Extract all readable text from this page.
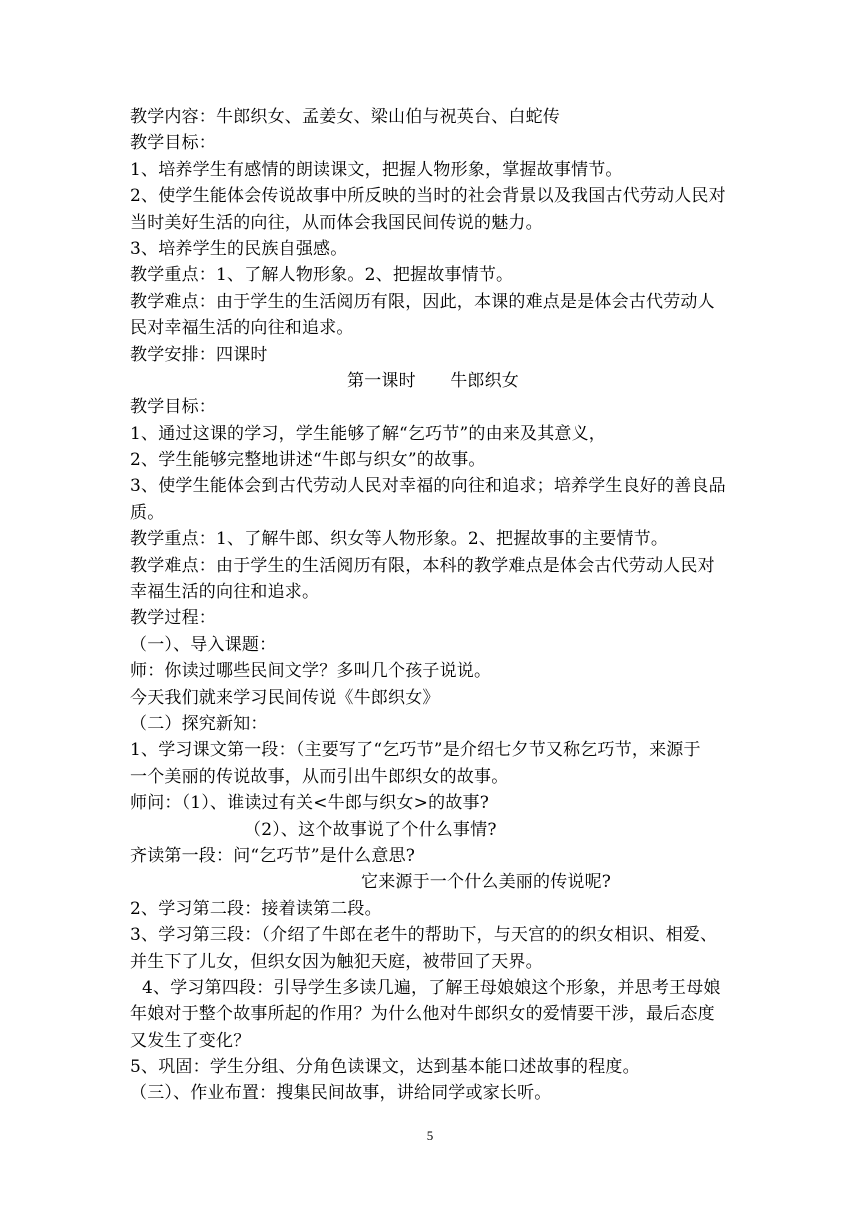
教学内容：牛郎织女、孟姜女、梁山伯与祝英台、白蛇传
教学目标：
1、培养学生有感情的朗读课文，把握人物形象，掌握故事情节。
2、使学生能体会传说故事中所反映的当时的社会背景以及我国古代劳动人民对
当时美好生活的向往，从而体会我国民间传说的魅力。
3、培养学生的民族自强感。
教学重点：1、了解人物形象。2、把握故事情节。
教学难点：由于学生的生活阅历有限，因此，本课的难点是是体会古代劳动人
民对幸福生活的向往和追求。
教学安排：四课时
第一课时　　牛郎织女
教学目标：
1、通过这课的学习，学生能够了解“乞巧节”的由来及其意义，
2、学生能够完整地讲述“牛郎与织女”的故事。
3、使学生能体会到古代劳动人民对幸福的向往和追求；培养学生良好的善良品
质。
教学重点：1、了解牛郎、织女等人物形象。2、把握故事的主要情节。
教学难点：由于学生的生活阅历有限，本科的教学难点是体会古代劳动人民对
幸福生活的向往和追求。
教学过程：
（一）、导入课题：
师：你读过哪些民间文学？多叫几个孩子说说。
今天我们就来学习民间传说《牛郎织女》
（二）探究新知：
1、学习课文第一段：（主要写了“乞巧节”是介绍七夕节又称乞巧节，来源于
一个美丽的传说故事，从而引出牛郎织女的故事。
师问：（1）、谁读过有关<牛郎与织女>的故事?
（2）、这个故事说了个什么事情?
齐读第一段：问“乞巧节”是什么意思?
它来源于一个什么美丽的传说呢?
2、学习第二段：接着读第二段。
3、学习第三段：（介绍了牛郎在老牛的帮助下，与天宫的的织女相识、相爱、
并生下了儿女，但织女因为触犯天庭，被带回了天界。
4、学习第四段：引导学生多读几遍，了解王母娘娘这个形象，并思考王母娘
年娘对于整个故事所起的作用？为什么他对牛郎织女的爱情要干涉，最后态度
又发生了变化？
5、巩固：学生分组、分角色读课文，达到基本能口述故事的程度。
（三）、作业布置：搜集民间故事，讲给同学或家长听。
5
